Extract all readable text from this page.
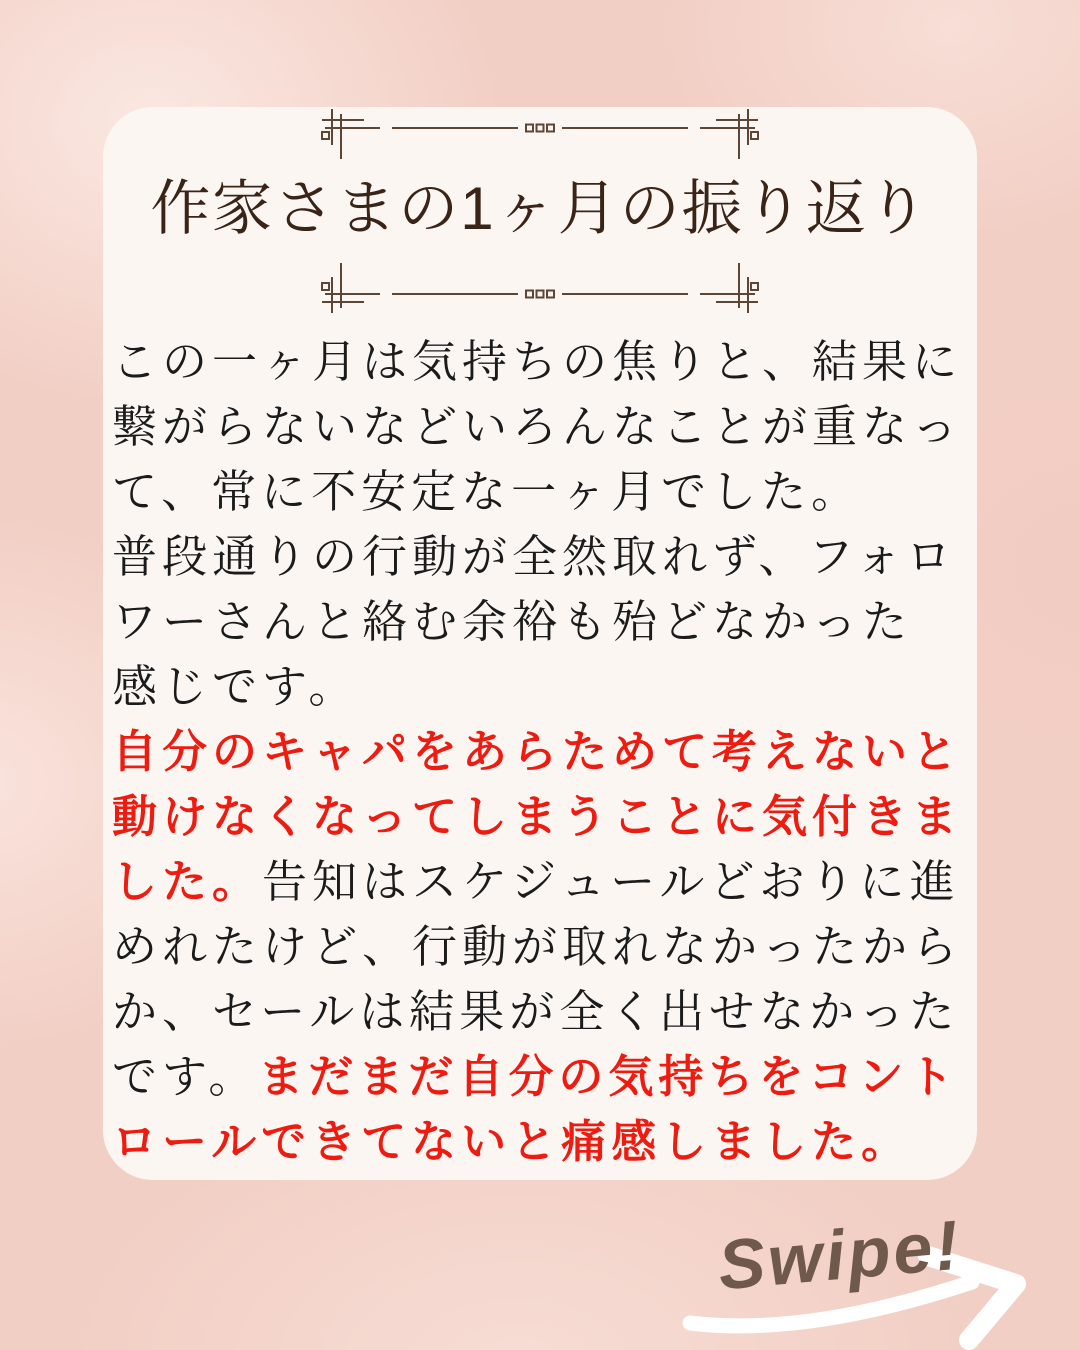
作家さまの1ヶ月の振り返り
この一ヶ月は気持ちの焦りと、結果に
繋がらないなどいろんなことが重なっ
て、常に不安定な一ヶ月でした。
普段通りの行動が全然取れず、フォロ
ワーさんと絡む余裕も殆どなかった
感じです。
自分のキャパをあらためて考えないと
動けなくなってしまうことに気付きま
した。告知はスケジュールどおりに進
めれたけど、行動が取れなかったから
か、セールは結果が全く出せなかった
です。まだまだ自分の気持ちをコント
ロールできてないと痛感しました。
Swipe!
